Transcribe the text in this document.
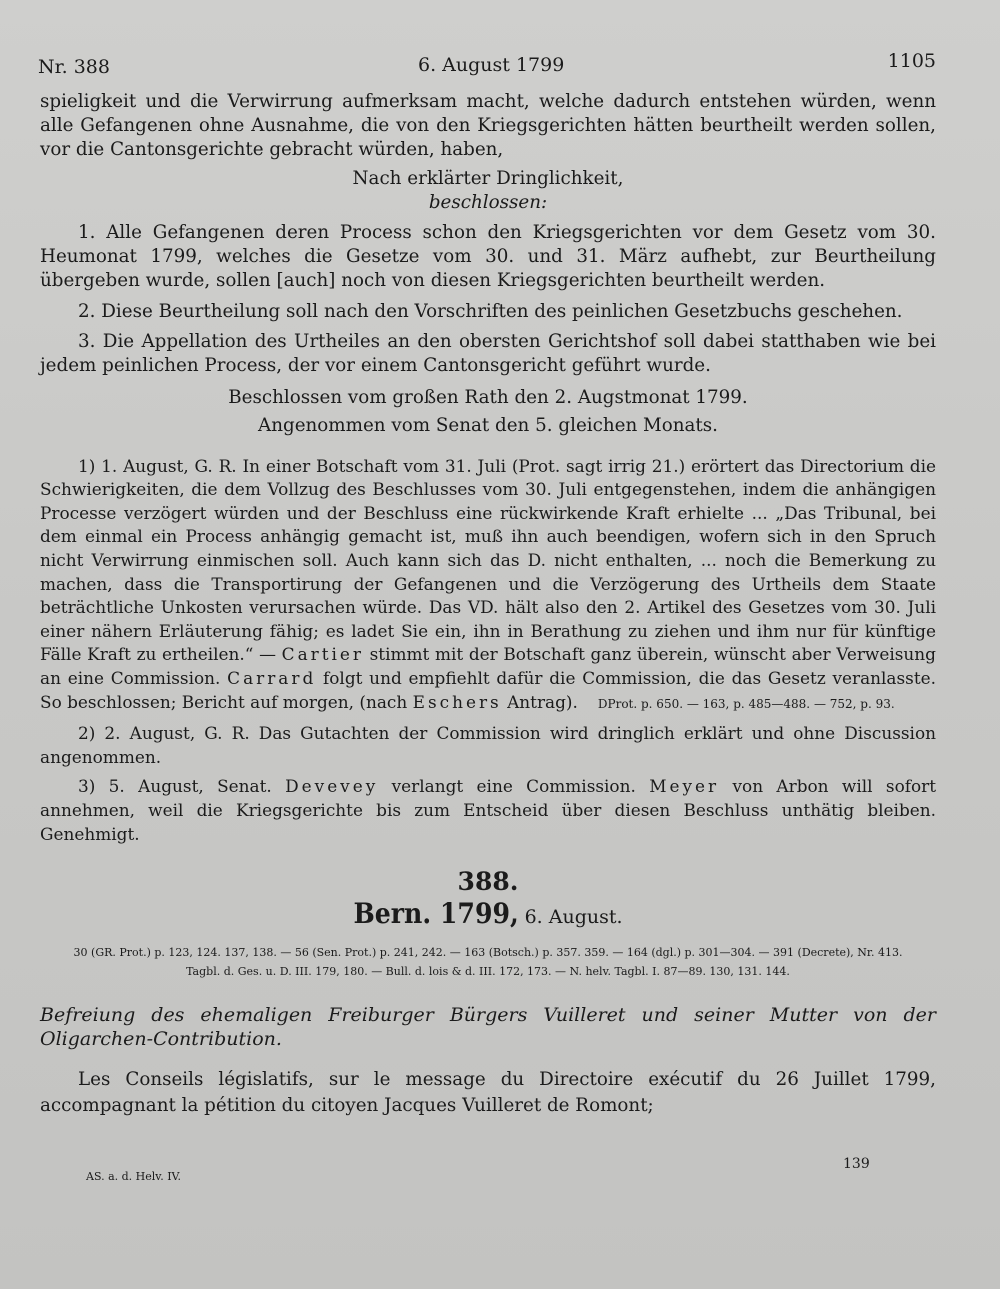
Nr. 388	6. August 1799	1105

spieligkeit und die Verwirrung aufmerksam macht, welche dadurch entstehen würden, wenn alle Gefangenen ohne Ausnahme, die von den Kriegsgerichten hätten beurtheilt werden sollen, vor die Cantonsgerichte gebracht würden, haben,

Nach erklärter Dringlichkeit,

beschlossen:

1. Alle Gefangenen deren Process schon den Kriegsgerichten vor dem Gesetz vom 30. Heumonat 1799, welches die Gesetze vom 30. und 31. März aufhebt, zur Beurtheilung übergeben wurde, sollen [auch] noch von diesen Kriegsgerichten beurtheilt werden.

2. Diese Beurtheilung soll nach den Vorschriften des peinlichen Gesetzbuchs geschehen.

3. Die Appellation des Urtheiles an den obersten Gerichtshof soll dabei statthaben wie bei jedem peinlichen Process, der vor einem Cantonsgericht geführt wurde.

Beschlossen vom großen Rath den 2. Augstmonat 1799.

Angenommen vom Senat den 5. gleichen Monats.

1) 1. August, G. R. In einer Botschaft vom 31. Juli (Prot. sagt irrig 21.) erörtert das Directorium die Schwierigkeiten, die dem Vollzug des Beschlusses vom 30. Juli entgegenstehen, indem die anhängigen Processe verzögert würden und der Beschluss eine rückwirkende Kraft erhielte ... „Das Tribunal, bei dem einmal ein Process anhängig gemacht ist, muß ihn auch beendigen, wofern sich in den Spruch nicht Verwirrung einmischen soll. Auch kann sich das D. nicht enthalten, ... noch die Bemerkung zu machen, dass die Transportirung der Gefangenen und die Verzögerung des Urtheils dem Staate beträchtliche Unkosten verursachen würde. Das VD. hält also den 2. Artikel des Gesetzes vom 30. Juli einer nähern Erläuterung fähig; es ladet Sie ein, ihn in Berathung zu ziehen und ihm nur für künftige Fälle Kraft zu ertheilen.“ — Cartier stimmt mit der Botschaft ganz überein, wünscht aber Verweisung an eine Commission. Carrard folgt und empfiehlt dafür die Commission, die das Gesetz veranlasste. So beschlossen; Bericht auf morgen, (nach Eschers Antrag). DProt. p. 650. — 163, p. 485—488. — 752, p. 93.

2) 2. August, G. R. Das Gutachten der Commission wird dringlich erklärt und ohne Discussion angenommen.

3) 5. August, Senat. Devevey verlangt eine Commission. Meyer von Arbon will sofort annehmen, weil die Kriegsgerichte bis zum Entscheid über diesen Beschluss unthätig bleiben. Genehmigt.

388.
Bern. 1799, 6. August.
30 (GR. Prot.) p. 123, 124. 137, 138. — 56 (Sen. Prot.) p. 241, 242. — 163 (Botsch.) p. 357. 359. — 164 (dgl.) p. 301—304. — 391 (Decrete), Nr. 413.
Tagbl. d. Ges. u. D. III. 179, 180. — Bull. d. lois & d. III. 172, 173. — N. helv. Tagbl. I. 87—89. 130, 131. 144.

Befreiung des ehemaligen Freiburger Bürgers Vuilleret und seiner Mutter von der Oligarchen-Contribution.

Les Conseils législatifs, sur le message du Directoire exécutif du 26 Juillet 1799, accompagnant la pétition du citoyen Jacques Vuilleret de Romont;

AS. a. d. Helv. IV.
139
